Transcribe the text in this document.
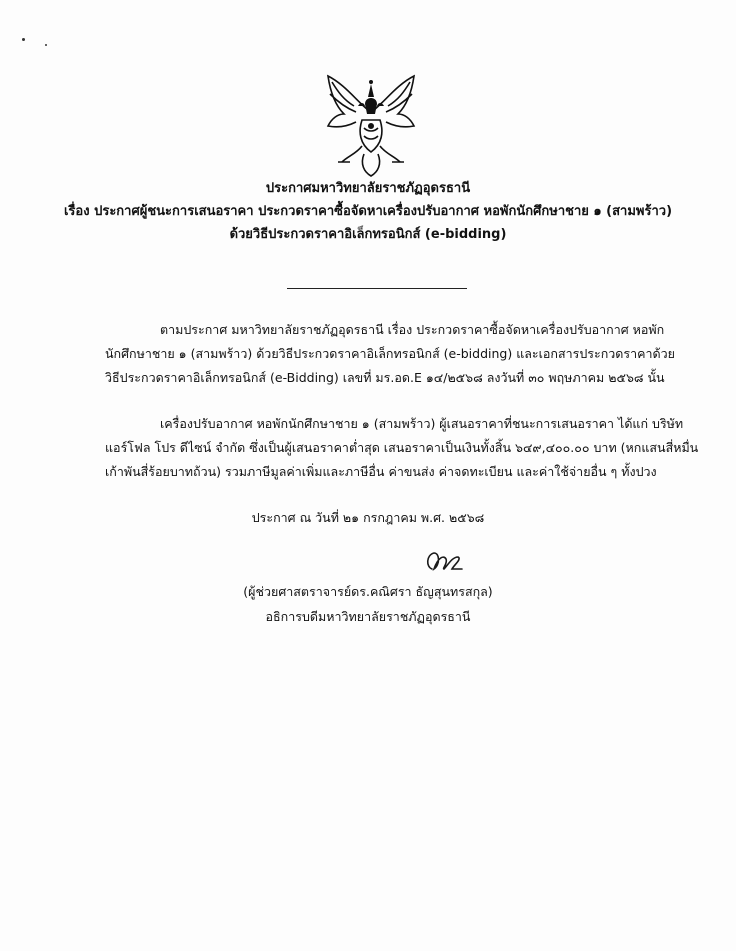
ประกาศมหาวิทยาลัยราชภัฏอุดรธานี
เรื่อง ประกาศผู้ชนะการเสนอราคา ประกวดราคาซื้อจัดหาเครื่องปรับอากาศ หอพักนักศึกษาชาย ๑ (สามพร้าว)
ด้วยวิธีประกวดราคาอิเล็กทรอนิกส์ (e-bidding)
ตามประกาศ มหาวิทยาลัยราชภัฏอุดรธานี เรื่อง ประกวดราคาซื้อจัดหาเครื่องปรับอากาศ หอพัก
นักศึกษาชาย ๑ (สามพร้าว) ด้วยวิธีประกวดราคาอิเล็กทรอนิกส์ (e-bidding) และเอกสารประกวดราคาด้วย
วิธีประกวดราคาอิเล็กทรอนิกส์ (e-Bidding) เลขที่ มร.อด.E ๑๔/๒๕๖๘ ลงวันที่ ๓๐ พฤษภาคม ๒๕๖๘ นั้น
เครื่องปรับอากาศ หอพักนักศึกษาชาย ๑ (สามพร้าว) ผู้เสนอราคาที่ชนะการเสนอราคา ได้แก่ บริษัท
แอร์โฟล โปร ดีไซน์ จำกัด ซึ่งเป็นผู้เสนอราคาต่ำสุด เสนอราคาเป็นเงินทั้งสิ้น ๖๔๙,๔๐๐.๐๐ บาท (หกแสนสี่หมื่น
เก้าพันสี่ร้อยบาทถ้วน) รวมภาษีมูลค่าเพิ่มและภาษีอื่น ค่าขนส่ง ค่าจดทะเบียน และค่าใช้จ่ายอื่น ๆ ทั้งปวง
ประกาศ ณ วันที่ ๒๑ กรกฎาคม พ.ศ. ๒๕๖๘
(ผู้ช่วยศาสตราจารย์ดร.คณิศรา ธัญสุนทรสกุล)
อธิการบดีมหาวิทยาลัยราชภัฏอุดรธานี
